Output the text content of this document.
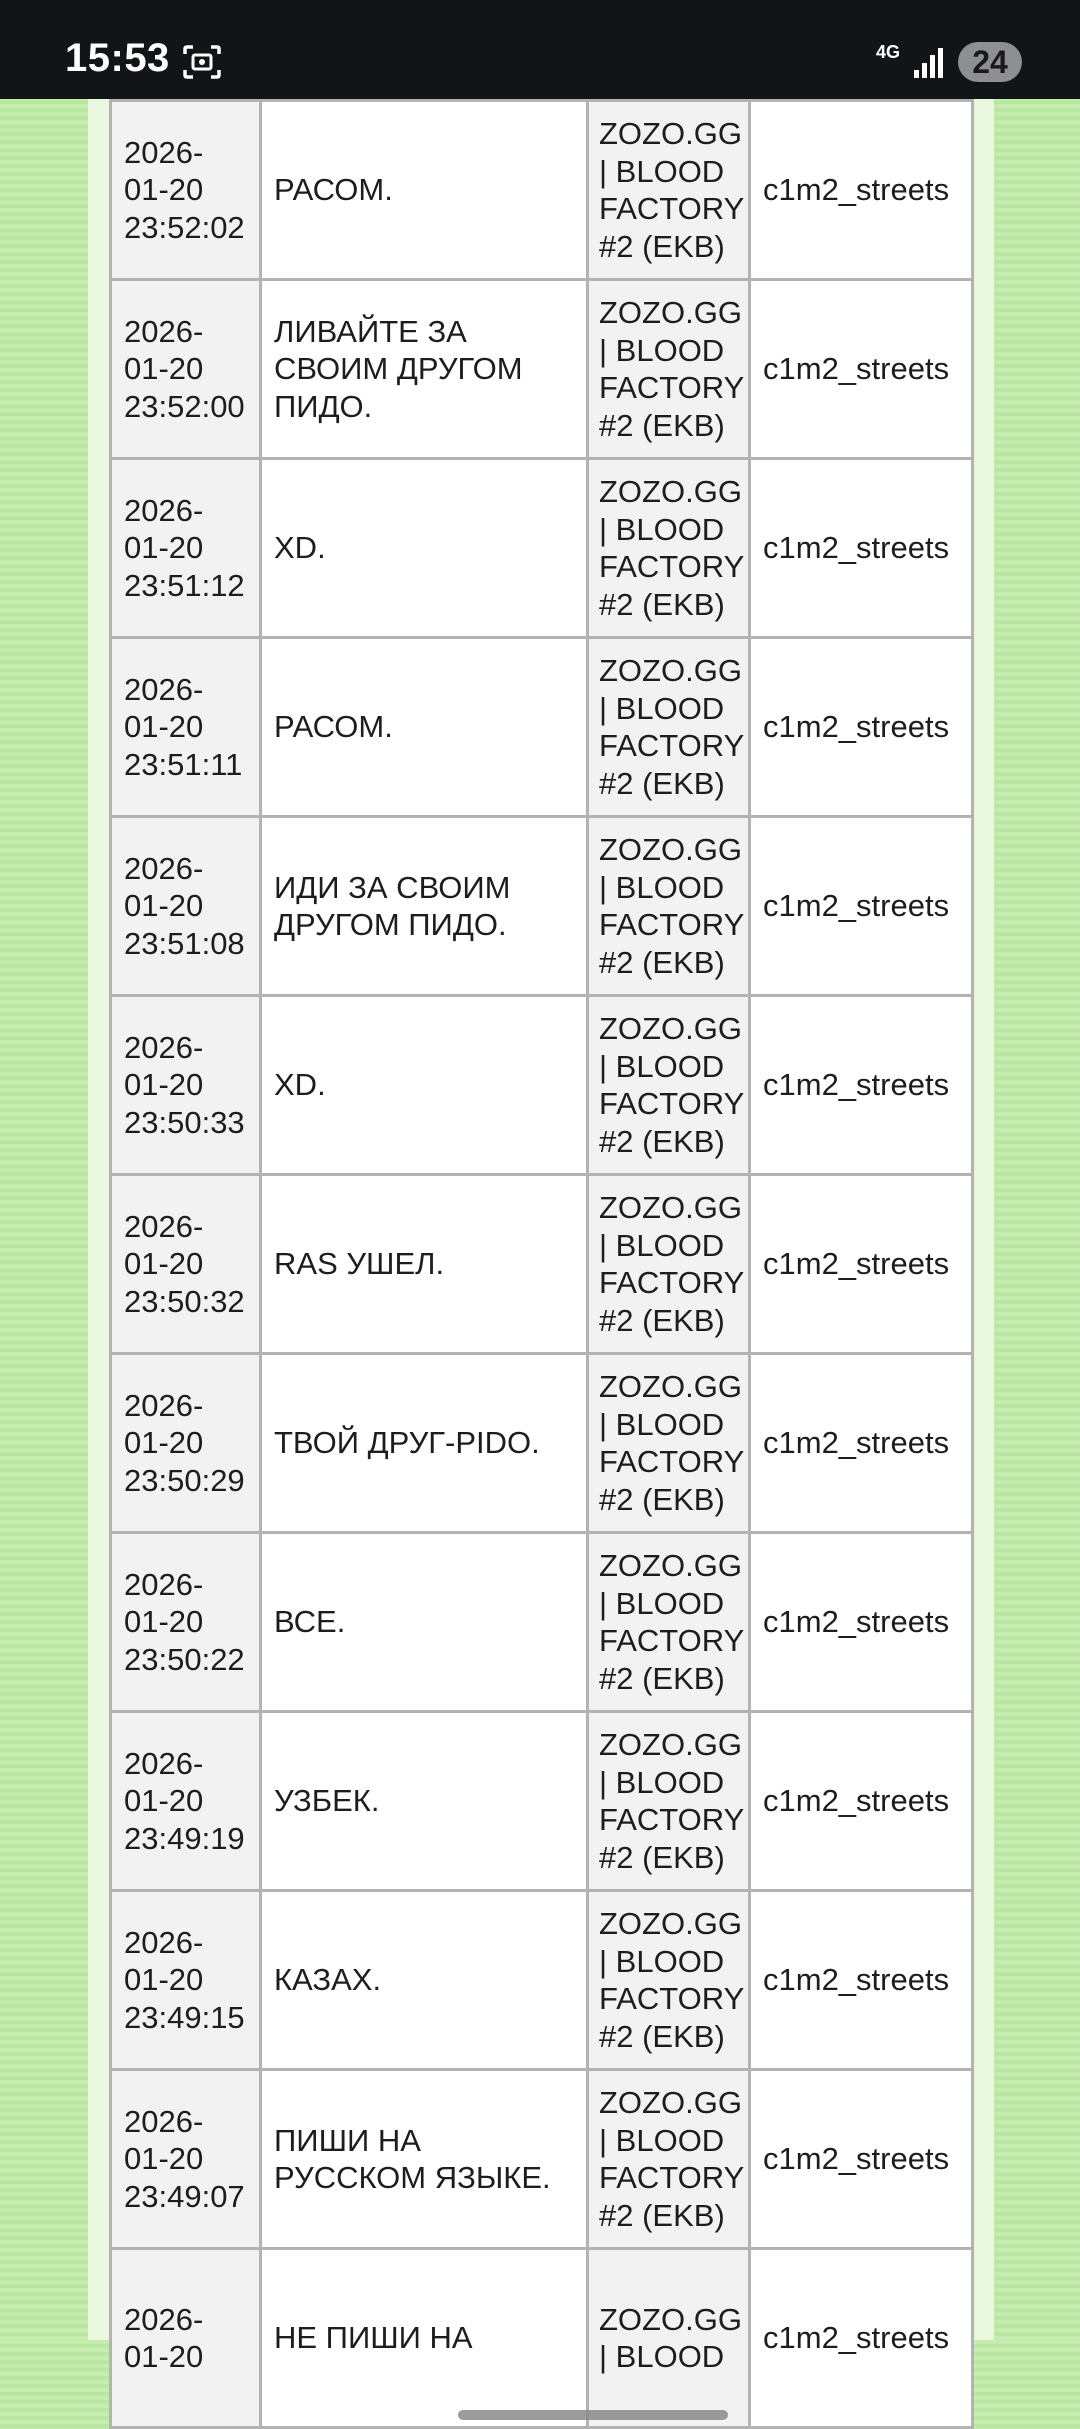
15:53	4G	24
2026-01-20 23:52:02	РАСОМ.	ZOZO.GG | BLOOD FACTORY #2 (EKB)	c1m2_streets
2026-01-20 23:52:00	ЛИВАЙТЕ ЗА СВОИМ ДРУГОМ ПИДО.	ZOZO.GG | BLOOD FACTORY #2 (EKB)	c1m2_streets
2026-01-20 23:51:12	XD.	ZOZO.GG | BLOOD FACTORY #2 (EKB)	c1m2_streets
2026-01-20 23:51:11	РАСОМ.	ZOZO.GG | BLOOD FACTORY #2 (EKB)	c1m2_streets
2026-01-20 23:51:08	ИДИ ЗА СВОИМ ДРУГОМ ПИДО.	ZOZO.GG | BLOOD FACTORY #2 (EKB)	c1m2_streets
2026-01-20 23:50:33	XD.	ZOZO.GG | BLOOD FACTORY #2 (EKB)	c1m2_streets
2026-01-20 23:50:32	RAS УШЕЛ.	ZOZO.GG | BLOOD FACTORY #2 (EKB)	c1m2_streets
2026-01-20 23:50:29	ТВОЙ ДРУГ-PIDO.	ZOZO.GG | BLOOD FACTORY #2 (EKB)	c1m2_streets
2026-01-20 23:50:22	ВСЕ.	ZOZO.GG | BLOOD FACTORY #2 (EKB)	c1m2_streets
2026-01-20 23:49:19	УЗБЕК.	ZOZO.GG | BLOOD FACTORY #2 (EKB)	c1m2_streets
2026-01-20 23:49:15	КАЗАХ.	ZOZO.GG | BLOOD FACTORY #2 (EKB)	c1m2_streets
2026-01-20 23:49:07	ПИШИ НА РУССКОМ ЯЗЫКЕ.	ZOZO.GG | BLOOD FACTORY #2 (EKB)	c1m2_streets
2026-01-20	НЕ ПИШИ НА	ZOZO.GG | BLOOD	c1m2_streets
